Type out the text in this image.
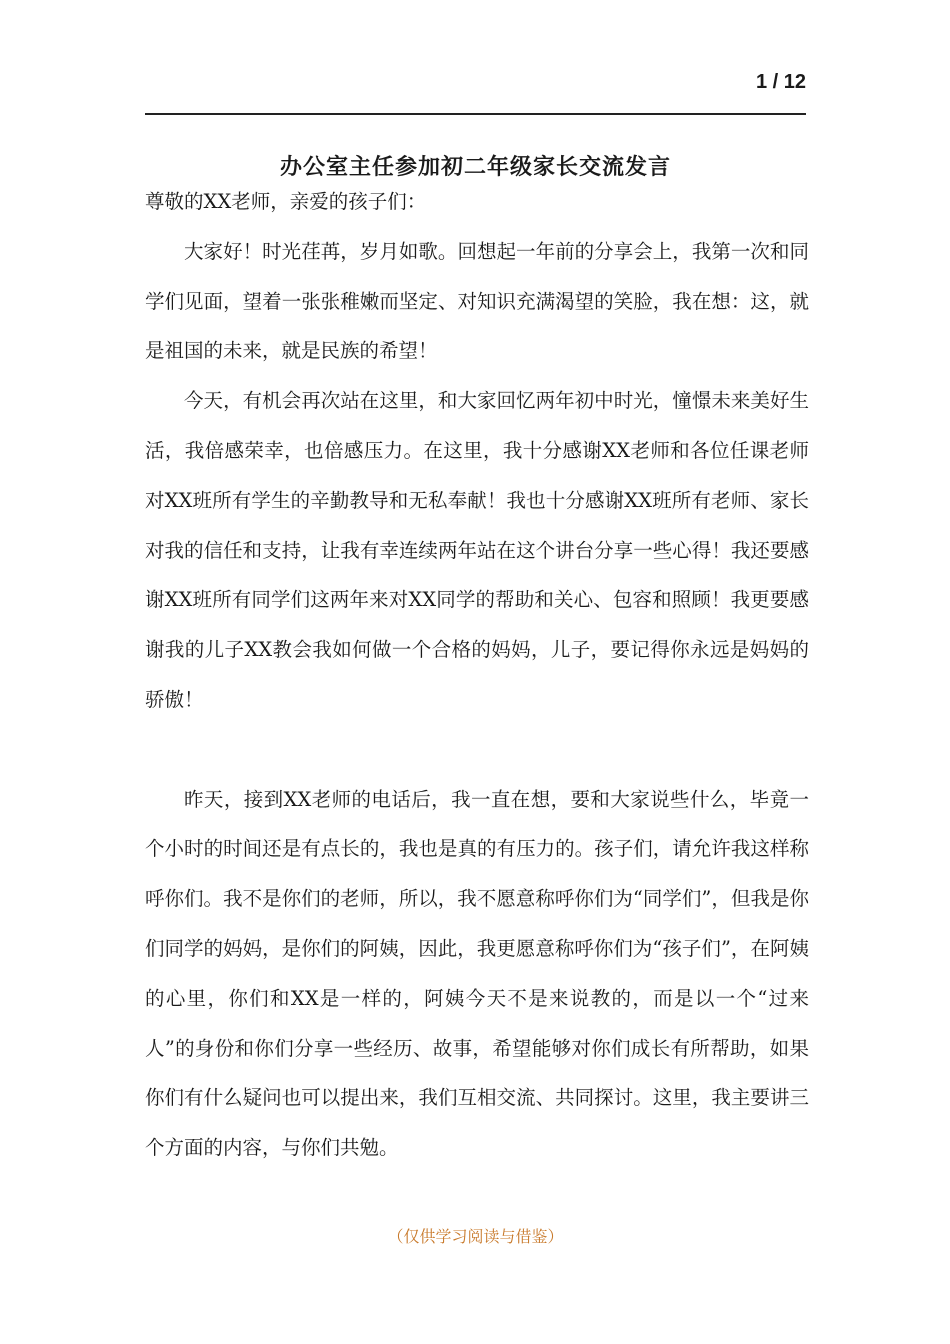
1 / 12
办公室主任参加初二年级家长交流发言

尊敬的XX老师，亲爱的孩子们：

大家好！时光荏苒，岁月如歌。回想起一年前的分享会上，我第一次和同学们见面，望着一张张稚嫩而坚定、对知识充满渴望的笑脸，我在想：这，就是祖国的未来，就是民族的希望！

今天，有机会再次站在这里，和大家回忆两年初中时光，憧憬未来美好生活，我倍感荣幸，也倍感压力。在这里，我十分感谢XX老师和各位任课老师对XX班所有学生的辛勤教导和无私奉献！我也十分感谢XX班所有老师、家长对我的信任和支持，让我有幸连续两年站在这个讲台分享一些心得！我还要感谢XX班所有同学们这两年来对XX同学的帮助和关心、包容和照顾！我更要感谢我的儿子XX教会我如何做一个合格的妈妈，儿子，要记得你永远是妈妈的骄傲！

昨天，接到XX老师的电话后，我一直在想，要和大家说些什么，毕竟一个小时的时间还是有点长的，我也是真的有压力的。孩子们，请允许我这样称呼你们。我不是你们的老师，所以，我不愿意称呼你们为“同学们”，但我是你们同学的妈妈，是你们的阿姨，因此，我更愿意称呼你们为“孩子们”，在阿姨的心里，你们和XX是一样的，阿姨今天不是来说教的，而是以一个“过来人”的身份和你们分享一些经历、故事，希望能够对你们成长有所帮助，如果你们有什么疑问也可以提出来，我们互相交流、共同探讨。这里，我主要讲三个方面的内容，与你们共勉。

（仅供学习阅读与借鉴）
